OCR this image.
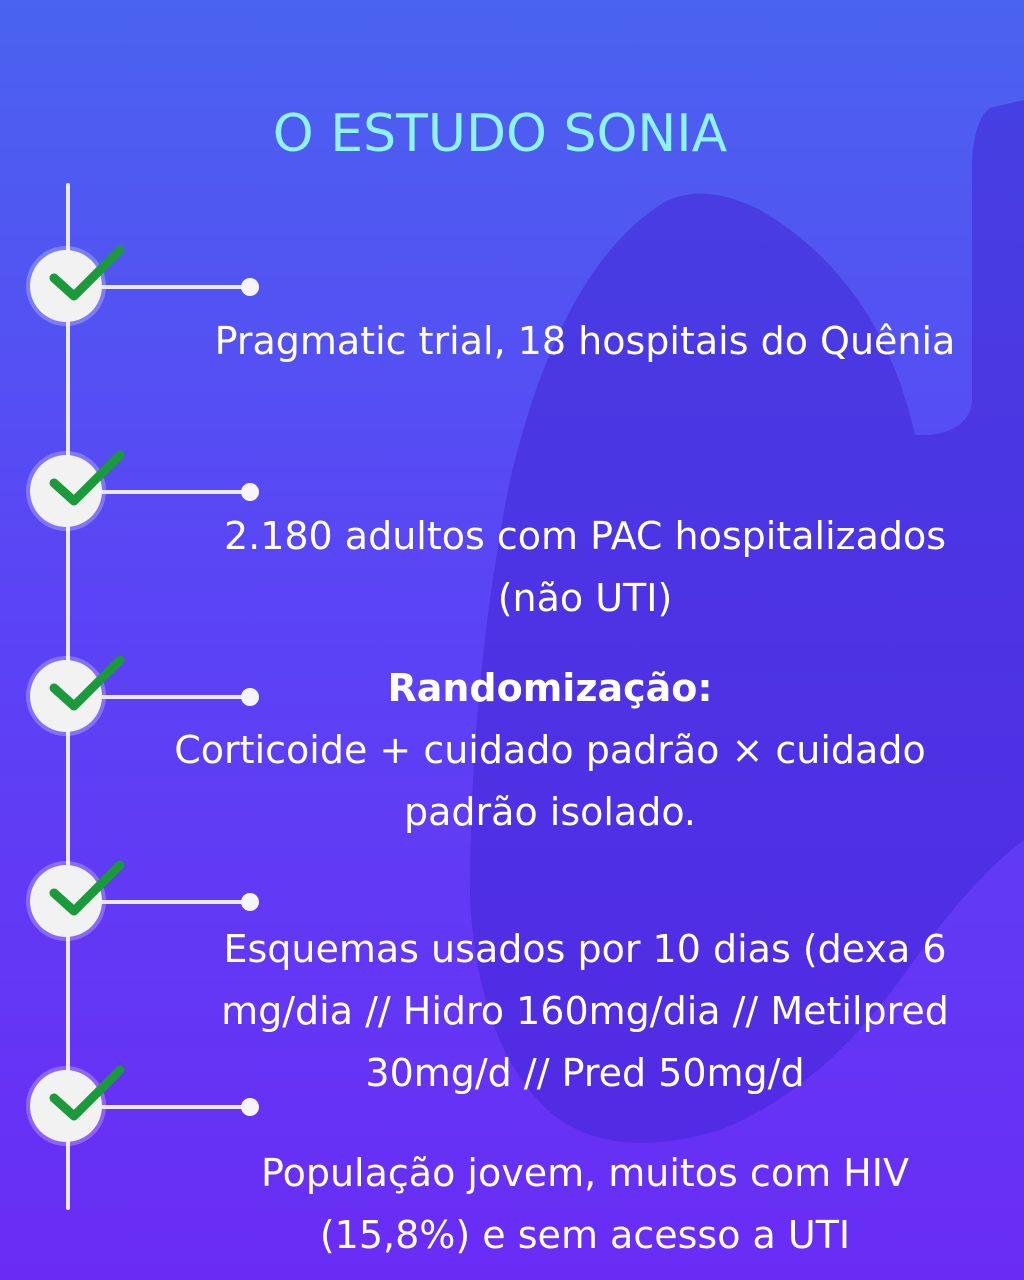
O ESTUDO SONIA
Pragmatic trial, 18 hospitais do Quênia
2.180 adultos com PAC hospitalizados
(não UTI)
Randomização:
Corticoide + cuidado padrão × cuidado
padrão isolado.
Esquemas usados por 10 dias (dexa 6
mg/dia // Hidro 160mg/dia // Metilpred
30mg/d // Pred 50mg/d
População jovem, muitos com HIV
(15,8%) e sem acesso a UTI
